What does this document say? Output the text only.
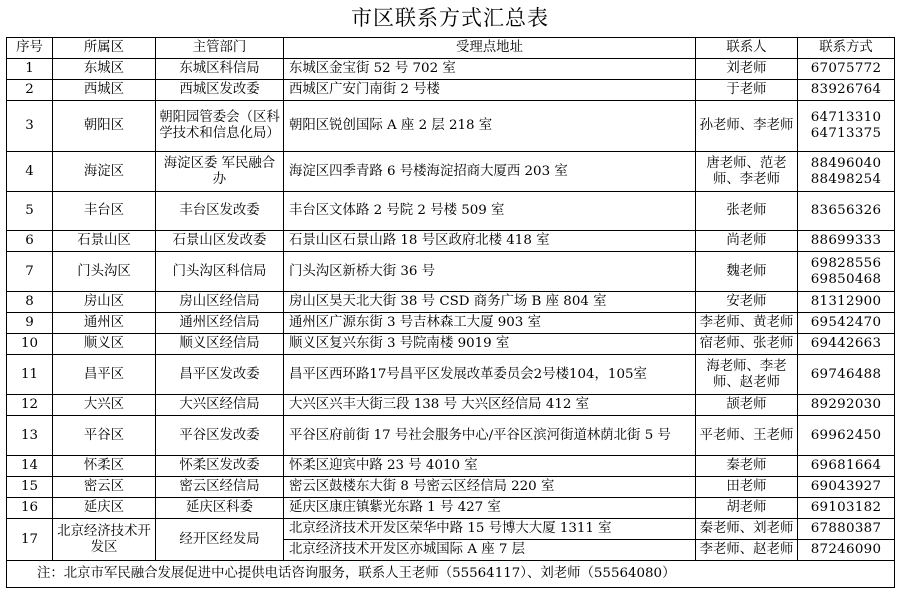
市区联系方式汇总表
序号	所属区	主管部门	受理点地址	联系人	联系方式
1	东城区	东城区科信局	东城区金宝街 52 号 702 室	刘老师	67075772
2	西城区	西城区发改委	西城区广安门南街 2 号楼	于老师	83926764
3	朝阳区	朝阳园管委会（区科学技术和信息化局）	朝阳区锐创国际 A 座 2 层 218 室	孙老师、李老师	64713310 64713375
4	海淀区	海淀区委 军民融合办	海淀区四季青路 6 号楼海淀招商大厦西 203 室	唐老师、范老师、李老师	88496040 88498254
5	丰台区	丰台区发改委	丰台区文体路 2 号院 2 号楼 509 室	张老师	83656326
6	石景山区	石景山区发改委	石景山区石景山路 18 号区政府北楼 418 室	尚老师	88699333
7	门头沟区	门头沟区科信局	门头沟区新桥大街 36 号	魏老师	69828556 69850468
8	房山区	房山区经信局	房山区昊天北大街 38 号 CSD 商务广场 B 座 804 室	安老师	81312900
9	通州区	通州区经信局	通州区广源东街 3 号吉林森工大厦 903 室	李老师、黄老师	69542470
10	顺义区	顺义区经信局	顺义区复兴东街 3 号院南楼 9019 室	宿老师、张老师	69442663
11	昌平区	昌平区发改委	昌平区西环路17号昌平区发展改革委员会2号楼104，105室	海老师、李老师、赵老师	69746488
12	大兴区	大兴区经信局	大兴区兴丰大街三段 138 号 大兴区经信局 412 室	颉老师	89292030
13	平谷区	平谷区发改委	平谷区府前街 17 号社会服务中心/平谷区滨河街道林荫北街 5 号	平老师、王老师	69962450
14	怀柔区	怀柔区发改委	怀柔区迎宾中路 23 号 4010 室	秦老师	69681664
15	密云区	密云区经信局	密云区鼓楼东大街 8 号密云区经信局 220 室	田老师	69043927
16	延庆区	延庆区科委	延庆区康庄镇紫光东路 1 号 427 室	胡老师	69103182
17	北京经济技术开发区	经开区经发局	北京经济技术开发区荣华中路 15 号博大大厦 1311 室	秦老师、刘老师	67880387
			北京经济技术开发区亦城国际 A 座 7 层	李老师、赵老师	87246090
注：北京市军民融合发展促进中心提供电话咨询服务，联系人王老师（55564117）、刘老师（55564080）					
